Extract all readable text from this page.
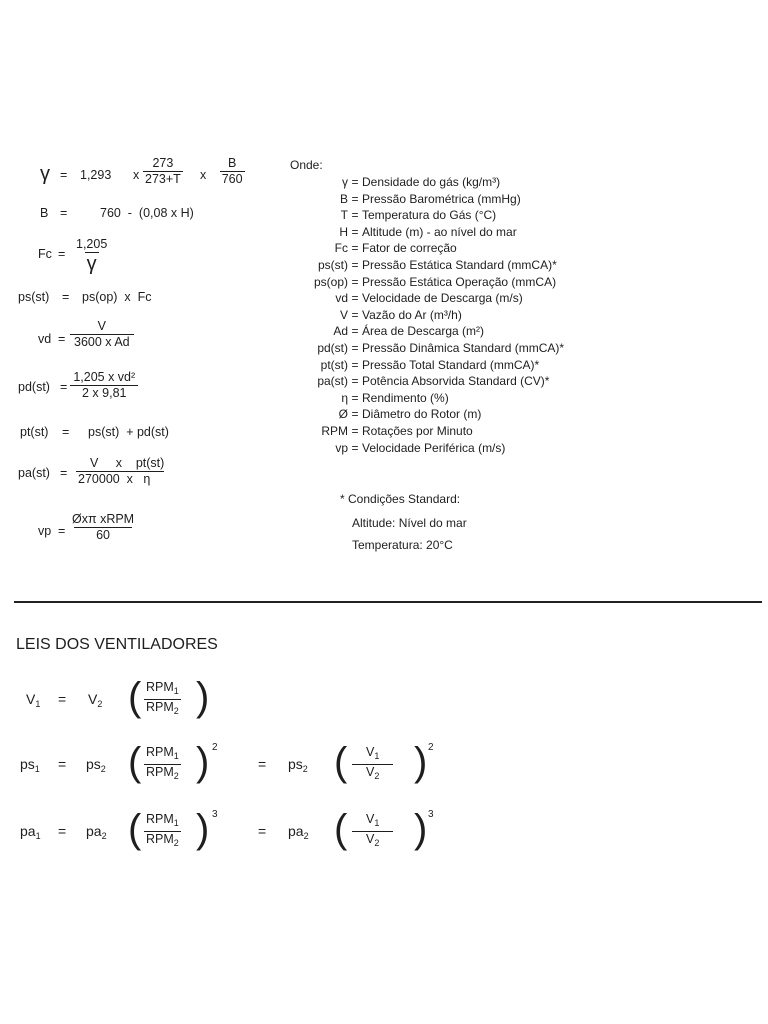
γ = 1,293 x $\frac{273}{273+T}$ x $\frac{B}{760}$
B =	760  -  (0,08 x H)
Fc =
1,205
γ
ps(st) = ps(op)  x  Fc
vd = $\frac{V}{\text{3600 x Ad}}$
$pd(st) = \frac{\text{1,205 x vd²}}{2 x 9,81}$
pt(st) = ps(st)  + pd(st)
$pa(st) = \frac{\text{V     x    pt(st)}}{\text{270000  x   η}}$
vp =
Øxπ xRPM
60
Onde:
γ = Densidade do gás (kg/m³)
B = Pressão Barométrica (mmHg)
T = Temperatura do Gás (°C)
H = Altitude (m) - ao nível do mar
Fc = Fator de correção
ps(st) = Pressão Estática Standard (mmCA)*
ps(op) = Pressão Estática Operação (mmCA)
vd = Velocidade de Descarga (m/s)
V = Vazão do Ar (m³/h)
Ad = Área de Descarga (m²)
pd(st) = Pressão Dinâmica Standard (mmCA)*
pt(st) = Pressão Total Standard (mmCA)*
pa(st) = Potência Absorvida Standard (CV)*
η = Rendimento (%)
Ø = Diâmetro do Rotor (m)
RPM = Rotações por Minuto
vp = Velocidade Periférica (m/s)
* Condições Standard:
Altitude: Nível do mar
Temperatura: 20°C
LEIS DOS VENTILADORES
$V_1 = V_2$ ( $RPM_1$
$RPM_2$ )
$ps_1 = ps_2$ ( $RPM_1$
$RPM_2$ ) 2
= $ps_2$ ( $\frac{V_1}{V_2}$ ) 2
$pa_1 = pa_2$ ( $RPM_1$
$RPM_2$ ) 3
= $pa_2$ ( $\frac{V_1}{V_2}$ ) 3
